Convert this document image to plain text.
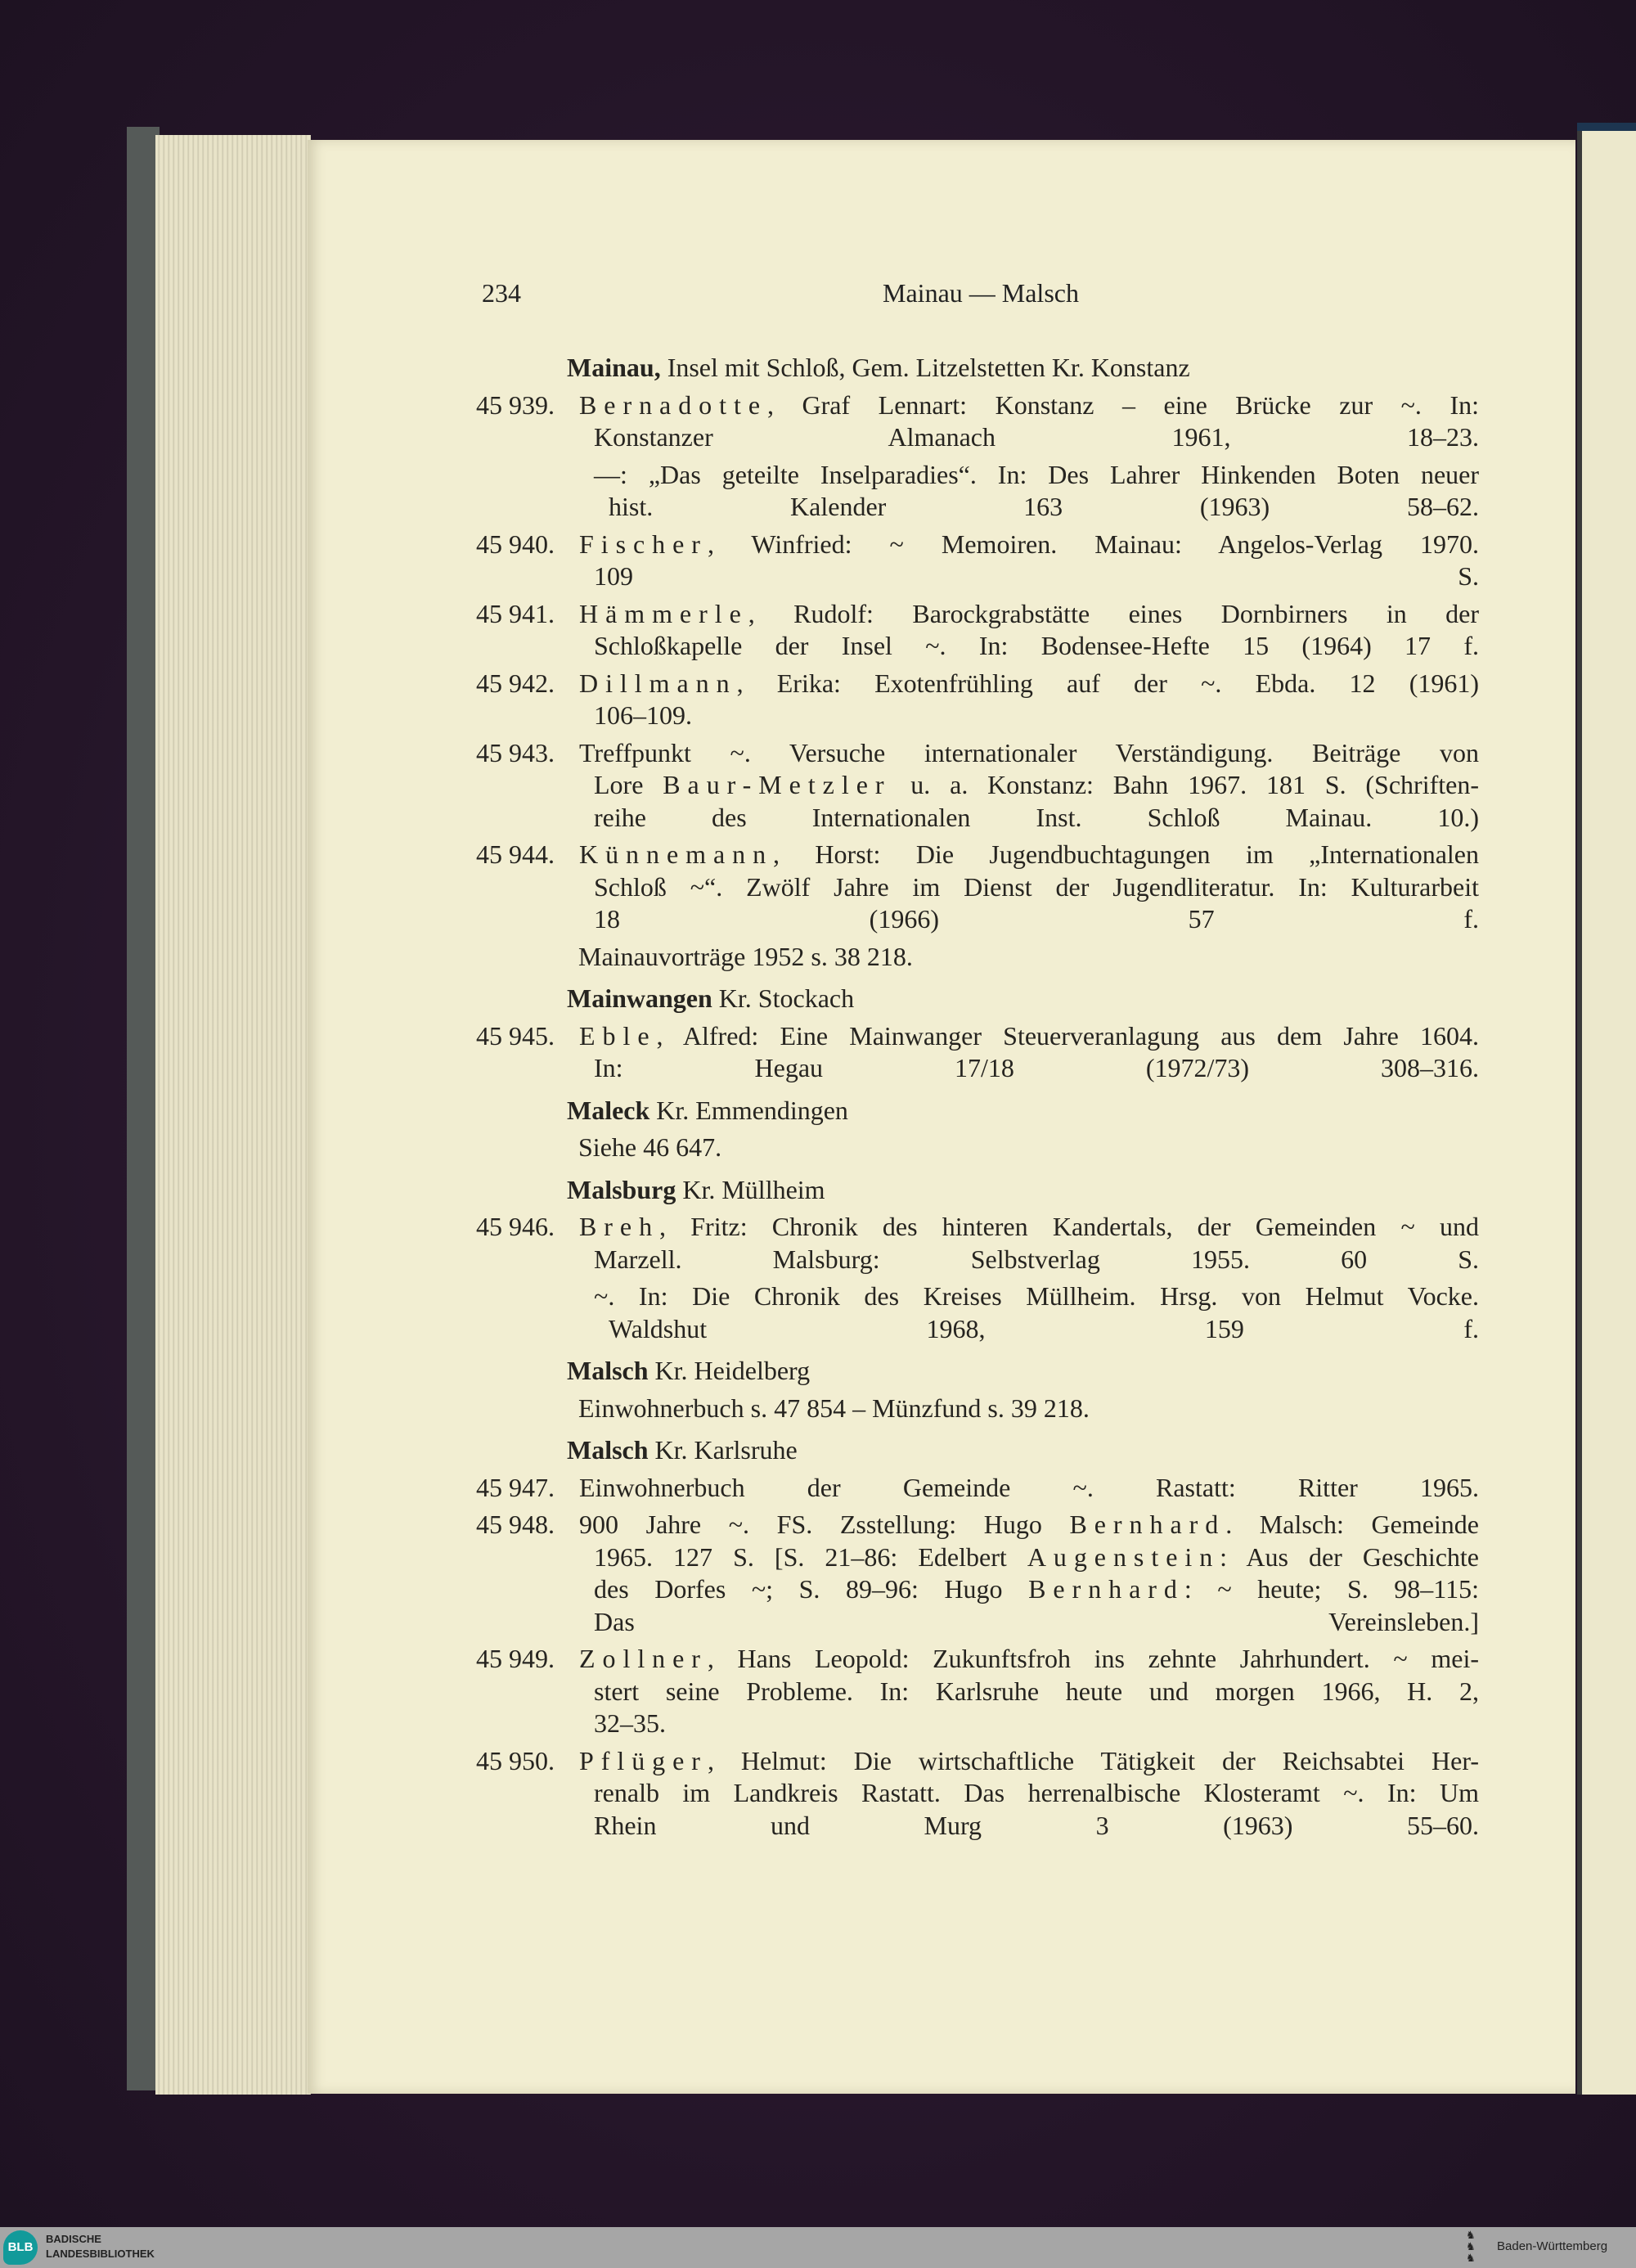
234	Mainau — Malsch
Mainau, Insel mit Schloß, Gem. Litzelstetten Kr. Konstanz
45 939. Bernadotte, Graf Lennart: Konstanz – eine Brücke zur ~. In:
Konstanzer Almanach 1961, 18–23.
—: „Das geteilte Inselparadies“. In: Des Lahrer Hinkenden Boten neuer
hist. Kalender 163 (1963) 58–62.
45 940. Fischer, Winfried: ~ Memoiren. Mainau: Angelos-Verlag 1970.
109 S.
45 941. Hämmerle, Rudolf: Barockgrabstätte eines Dornbirners in der
Schloßkapelle der Insel ~. In: Bodensee-Hefte 15 (1964) 17 f.
45 942. Dillmann, Erika: Exotenfrühling auf der ~. Ebda. 12 (1961)
106–109.
45 943. Treffpunkt ~. Versuche internationaler Verständigung. Beiträge von
Lore Baur-Metzler u. a. Konstanz: Bahn 1967. 181 S. (Schriften-
reihe des Internationalen Inst. Schloß Mainau. 10.)
45 944. Künnemann, Horst: Die Jugendbuchtagungen im „Internationalen
Schloß ~“. Zwölf Jahre im Dienst der Jugendliteratur. In: Kulturarbeit
18 (1966) 57 f.
Mainauvorträge 1952 s. 38 218.
Mainwangen Kr. Stockach
45 945. Eble, Alfred: Eine Mainwanger Steuerveranlagung aus dem Jahre 1604.
In: Hegau 17/18 (1972/73) 308–316.
Maleck Kr. Emmendingen
Siehe 46 647.
Malsburg Kr. Müllheim
45 946. Breh, Fritz: Chronik des hinteren Kandertals, der Gemeinden ~ und
Marzell. Malsburg: Selbstverlag 1955. 60 S.
~. In: Die Chronik des Kreises Müllheim. Hrsg. von Helmut Vocke.
Waldshut 1968, 159 f.
Malsch Kr. Heidelberg
Einwohnerbuch s. 47 854 – Münzfund s. 39 218.
Malsch Kr. Karlsruhe
45 947. Einwohnerbuch der Gemeinde ~. Rastatt: Ritter 1965.
45 948. 900 Jahre ~. FS. Zsstellung: Hugo Bernhard. Malsch: Gemeinde
1965. 127 S. [S. 21–86: Edelbert Augenstein: Aus der Geschichte
des Dorfes ~; S. 89–96: Hugo Bernhard: ~ heute; S. 98–115:
Das Vereinsleben.]
45 949. Zollner, Hans Leopold: Zukunftsfroh ins zehnte Jahrhundert. ~ mei-
stert seine Probleme. In: Karlsruhe heute und morgen 1966, H. 2,
32–35.
45 950. Pflüger, Helmut: Die wirtschaftliche Tätigkeit der Reichsabtei Her-
renalb im Landkreis Rastatt. Das herrenalbische Klosteramt ~. In: Um
Rhein und Murg 3 (1963) 55–60.
BLB
BADISCHE
LANDESBIBLIOTHEK
♞
♞
♞
Baden-Württemberg
